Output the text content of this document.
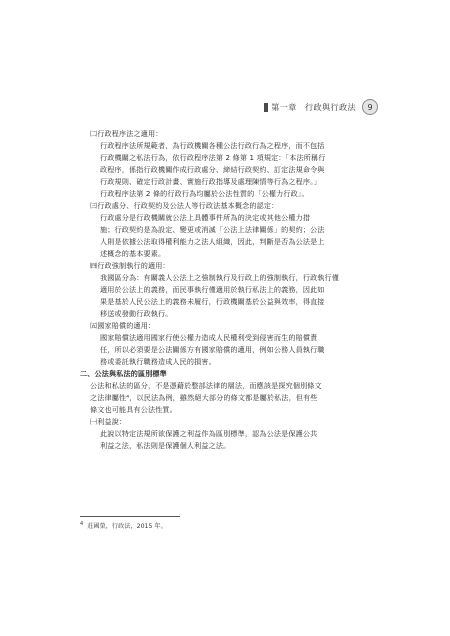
第一章　行政與行政法	9
㈡行政程序法之適用：
行政程序法所規範者，為行政機關各種公法行政行為之程序，而不包括
行政機關之私法行為，依行政程序法第 2 條第 1 項規定：「本法所稱行
政程序，係指行政機關作成行政處分、締結行政契約、訂定法規命令與
行政規則、確定行政計畫、實施行政指導及處理陳情等行為之程序。」
行政程序法第 2 條的行政行為均屬於公法性質的「公權力行政」。
㈢行政處分、行政契約及公法人等行政法基本概念的認定：
行政處分是行政機關就公法上具體事件所為的決定或其他公權力措
施；行政契約是為設定、變更或消滅「公法上法律關係」的契約；公法
人則是依據公法取得權利能力之法人組織，因此，判斷是否為公法是上
述概念的基本要素。
㈣行政強制執行的適用：
我國區分為：有關義人公法上之強制執行及行政上的強制執行，行政執行僅
適用於公法上的義務，而民事執行僅適用於執行私法上的義務，因此如
果是基於人民公法上的義務未履行，行政機關基於公益與效率，得直接
移送或發動行政執行。
㈤國家賠償的適用：
國家賠償法適用國家行使公權力造成人民權利受到侵害而生的賠償責
任，所以必須要是公法關係方有國家賠償的適用，例如公務人員執行職
務或委託執行職務造成人民的損害。
二、公法與私法的區別標準
公法和私法的區分，不是憑藉於整部法律的層法，而應該是探究個別條文
之法律屬性⁴，以民法為例，雖然絕大部分的條文都是屬於私法，但有些
條文也可能具有公法性質。
㈠利益說：
此說以特定法規所欲保護之利益作為區別標準，認為公法是保護公共
利益之法，私法則是保護個人利益之法。
$^4$ 莊國榮，行政法，2015 年。
